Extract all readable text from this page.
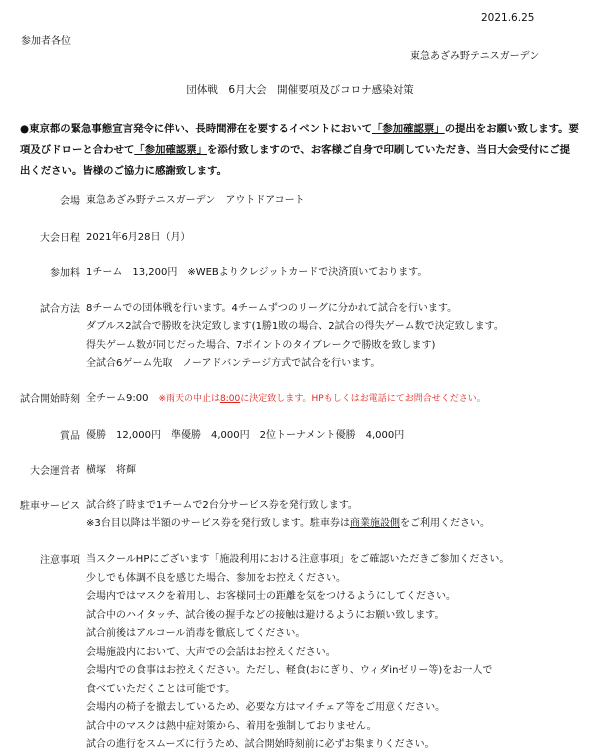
2021.6.25
参加者各位
東急あざみ野テニスガーデン
団体戦　6月大会　開催要項及びコロナ感染対策
●東京都の緊急事態宣言発令に伴い、長時間滞在を要するイベントにおいて「参加確認票」の提出をお願い致します。要項及びドローと合わせて「参加確認票」を添付致しますので、お客様ご自身で印刷していただき、当日大会受付にご提出ください。皆様のご協力に感謝致します。
会場 東急あざみ野テニスガーデン　アウトドアコート
大会日程 2021年6月28日（月）
参加料 1チーム　13,200円　※WEBよりクレジットカードで決済頂いております。
試合方法 8チームでの団体戦を行います。4チームずつのリーグに分かれて試合を行います。
ダブルス2試合で勝敗を決定致します(1勝1敗の場合、2試合の得失ゲーム数で決定致します。
得失ゲーム数が同じだった場合、7ポイントのタイブレークで勝敗を致します)
全試合6ゲーム先取　ノーアドバンテージ方式で試合を行います。
試合開始時刻 全チーム9:00　 ※雨天の中止は8:00に決定致します。HPもしくはお電話にてお問合せください。
賞品 優勝　12,000円　準優勝　4,000円　2位トーナメント優勝　4,000円
大会運営者 横塚　将輝
駐車サービス 試合終了時まで1チームで2台分サービス券を発行致します。
※3台目以降は半額のサービス券を発行致します。駐車券は商業施設側をご利用ください。
注意事項 当スクールHPにございます「施設利用における注意事項」をご確認いただきご参加ください。
少しでも体調不良を感じた場合、参加をお控えください。
会場内ではマスクを着用し、お客様同士の距離を気をつけるようにしてください。
試合中のハイタッチ、試合後の握手などの接触は避けるようにお願い致します。
試合前後はアルコール消毒を徹底してください。
会場施設内において、大声での会話はお控えください。
会場内での食事はお控えください。ただし、軽食(おにぎり、ウィダinゼリー等)をお一人で
食べていただくことは可能です。
会場内の椅子を撤去しているため、必要な方はマイチェア等をご用意ください。
試合中のマスクは熱中症対策から、着用を強制しておりません。
試合の進行をスムーズに行うため、試合開始時刻前に必ずお集まりください。
